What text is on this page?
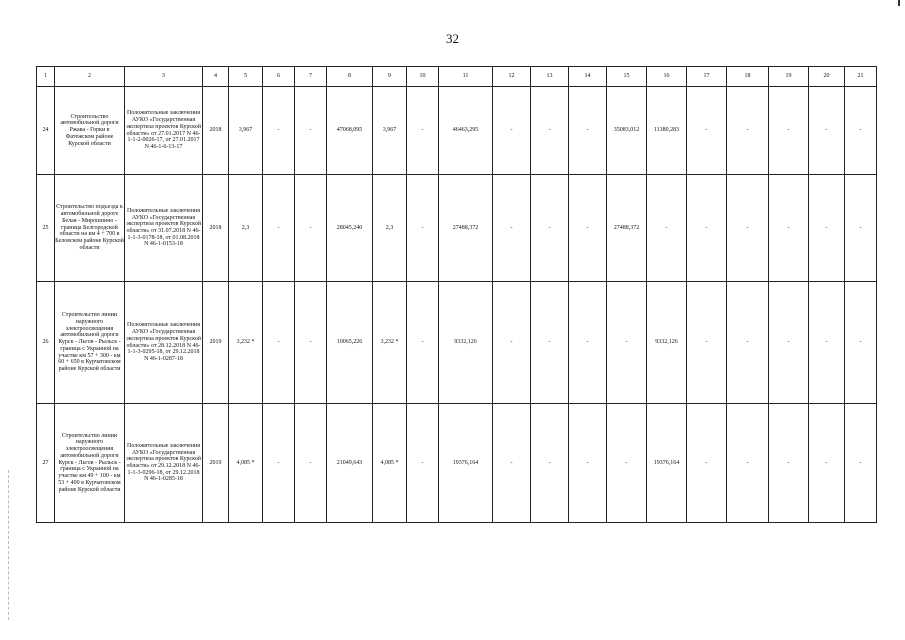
32
1	2	3	4	5	6	7	8	9	10	11	12	13	14	15	16	17	18	19	20	21
24	Строительство автомобильной дороги Ржава - Горки в Фатежском районе Курской области	Положительные заключения АУКО «Государственная экспертиза проектов Курской области» от 27.01.2017 N 46-1-1-2-0026-17, от 27.01.2017 N 46-1-6-13-17	2018	3,967	-	-	47068,095	3,967	-	46463,295	-	-	-	35083,012	11380,283	-	-	-	-	-
25	Строительство подъезда к автомобильной дороге Белая - Мирошнино - граница Белгородской области на км 4 + 700 в Беловском районе Курской области	Положительные заключения АУКО «Государственная экспертиза проектов Курской области» от 31.07.2018 N 46-1-1-3-0178-18, от 01.08.2018 N 46-1-0153-18	2018	2,3	-	-	28045,240	2,3	-	27488,372	-	-	-	27488,372	-	-	-	-	-	-
26	Строительство линии наружного электроосвещения автомобильной дороги Курск - Льгов - Рыльск - граница с Украиной на участке км 57 + 300 - км 60 + 650 в Курчатовском районе Курской области	Положительные заключения АУКО «Государственная экспертиза проектов Курской области» от 28.12.2018 N 46-1-1-3-0295-18, от 29.12.2018 N 46-1-0287-18	2019	3,232 *	-	-	10065,226	3,232 *	-	9332,126	-	-	-	-	9332,126	-	-	-	-	-
27	Строительство линии наружного электроосвещения автомобильной дороги Курск - Льгов - Рыльск - граница с Украиной на участке км 49 + 100 - км 53 + 400 в Курчатовском районе Курской области	Положительные заключения АУКО «Государственная экспертиза проектов Курской области» от 29.12.2018 N 46-1-1-3-0296-18, от 29.12.2018 N 46-1-0285-18	2019	4,085 *	-	-	21049,643	4,085 *	-	19376,164	-	-	-	-	19376,164	-	-	-	-	-
